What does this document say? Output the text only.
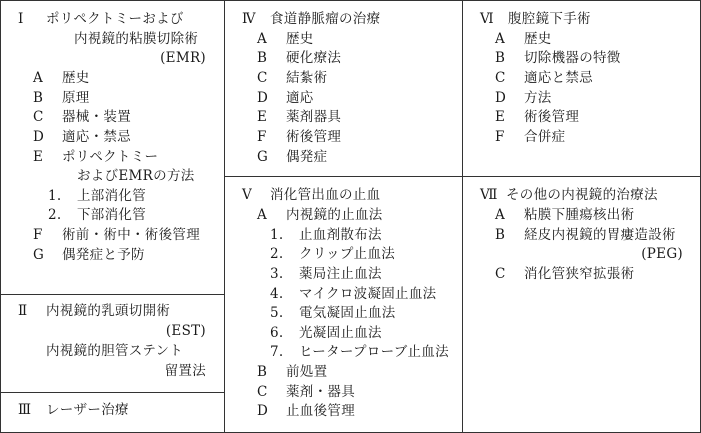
Ⅰ ポリペクトミーおよび
内視鏡的粘膜切除術
(EMR)
A 歴史
B 原理
C 器械・装置
D 適応・禁忌
E ポリペクトミー
およびEMRの方法
1. 上部消化管
2. 下部消化管
F 術前・術中・術後管理
G 偶発症と予防
Ⅱ 内視鏡的乳頭切開術
(EST)
内視鏡的胆管ステント
留置法
Ⅲ レーザー治療
Ⅳ 食道静脈瘤の治療
A 歴史
B 硬化療法
C 結紮術
D 適応
E 薬剤器具
F 術後管理
G 偶発症
Ⅴ 消化管出血の止血
A 内視鏡的止血法
1. 止血剤散布法
2. クリップ止血法
3. 薬局注止血法
4. マイクロ波凝固止血法
5. 電気凝固止血法
6. 光凝固止血法
7. ヒータープローブ止血法
B 前処置
C 薬剤・器具
D 止血後管理
Ⅵ 腹腔鏡下手術
A 歴史
B 切除機器の特徴
C 適応と禁忌
D 方法
E 術後管理
F 合併症
Ⅶ その他の内視鏡的治療法
A 粘膜下腫瘍核出術
B 経皮内視鏡的胃瘻造設術
(PEG)
C 消化管狭窄拡張術
